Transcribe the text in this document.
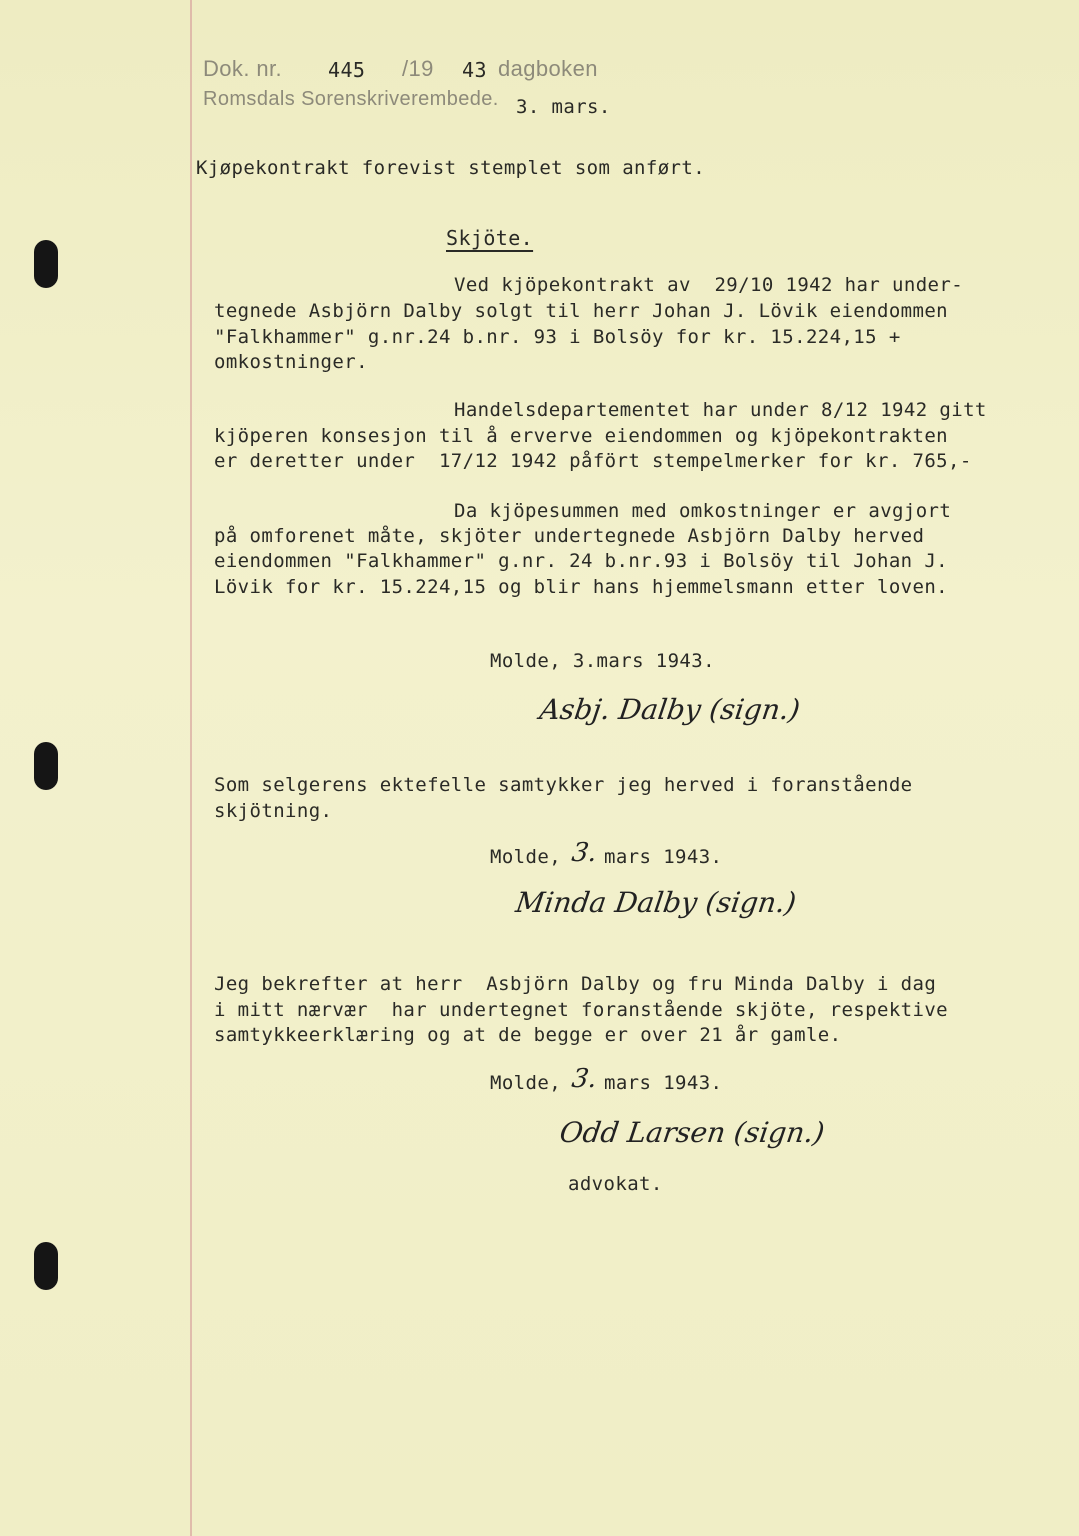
Dok. nr. 445 /19 43 dagboken
Romsdals Sorenskriverembede. 3. mars.
Kjøpekontrakt forevist stemplet som anført.
Skjöte.
Ved kjöpekontrakt av  29/10 1942 har under-
tegnede Asbjörn Dalby solgt til herr Johan J. Lövik eiendommen
"Falkhammer" g.nr.24 b.nr. 93 i Bolsöy for kr. 15.224,15 +
omkostninger.
Handelsdepartementet har under 8/12 1942 gitt
kjöperen konsesjon til å erverve eiendommen og kjöpekontrakten
er deretter under  17/12 1942 påfört stempelmerker for kr. 765,-
Da kjöpesummen med omkostninger er avgjort
på omforenet måte, skjöter undertegnede Asbjörn Dalby herved
eiendommen "Falkhammer" g.nr. 24 b.nr.93 i Bolsöy til Johan J.
Lövik for kr. 15.224,15 og blir hans hjemmelsmann etter loven.
Molde, 3.mars 1943.
Asbj. Dalby (sign.)
Som selgerens ektefelle samtykker jeg herved i foranstående
skjötning.
Molde, 3. mars 1943.
Minda Dalby (sign.)
Jeg bekrefter at herr  Asbjörn Dalby og fru Minda Dalby i dag
i mitt nærvær  har undertegnet foranstående skjöte, respektive
samtykkeerklæring og at de begge er over 21 år gamle.
Molde, 3. mars 1943.
Odd Larsen (sign.)
advokat.
